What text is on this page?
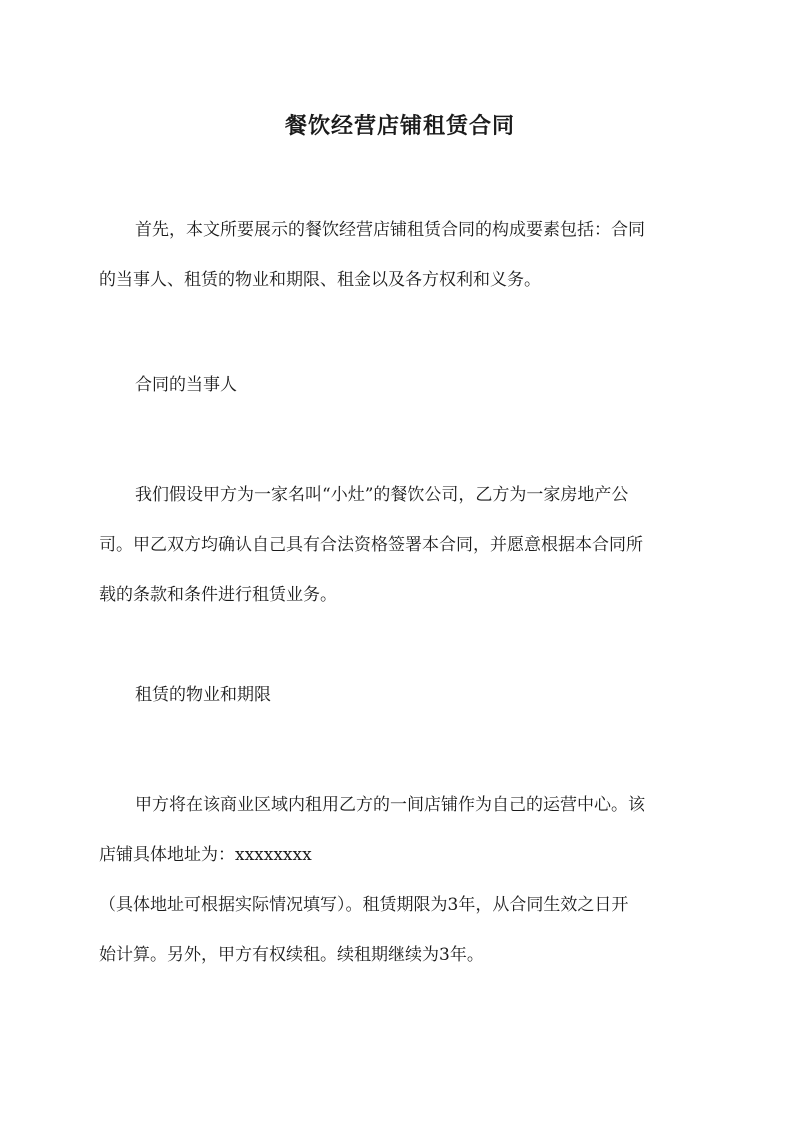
餐饮经营店铺租赁合同

首先，本文所要展示的餐饮经营店铺租赁合同的构成要素包括：合同
的当事人、租赁的物业和期限、租金以及各方权利和义务。

合同的当事人

我们假设甲方为一家名叫“小灶”的餐饮公司，乙方为一家房地产公
司。甲乙双方均确认自己具有合法资格签署本合同，并愿意根据本合同所
载的条款和条件进行租赁业务。

租赁的物业和期限

甲方将在该商业区域内租用乙方的一间店铺作为自己的运营中心。该
店铺具体地址为：xxxxxxxx
（具体地址可根据实际情况填写）。租赁期限为3年，从合同生效之日开
始计算。另外，甲方有权续租。续租期继续为3年。
